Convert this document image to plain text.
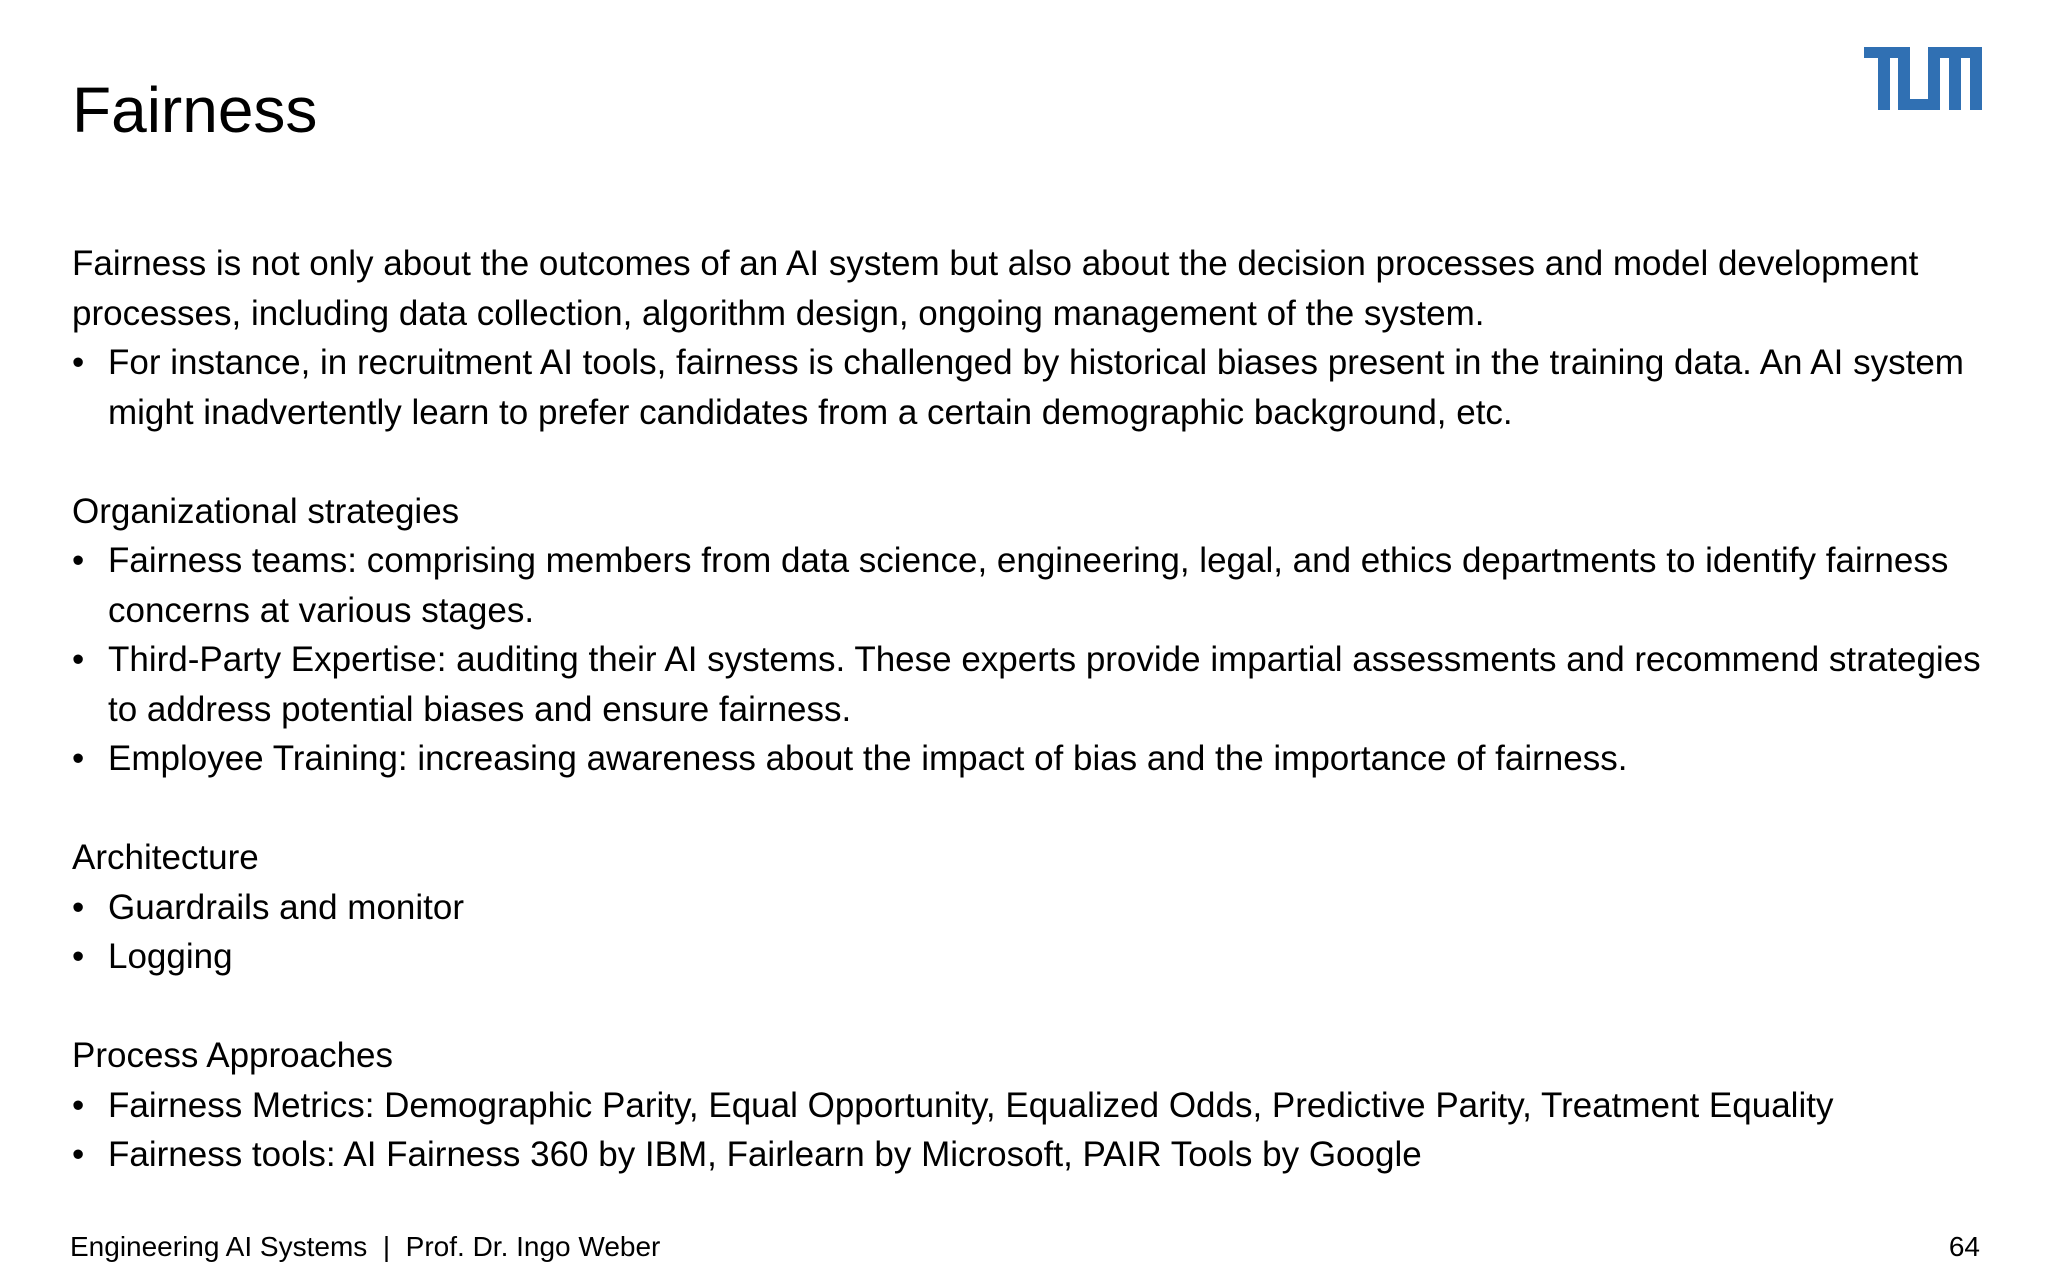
Fairness

Fairness is not only about the outcomes of an AI system but also about the decision processes and model development processes, including data collection, algorithm design, ongoing management of the system.

• For instance, in recruitment AI tools, fairness is challenged by historical biases present in the training data. An AI system might inadvertently learn to prefer candidates from a certain demographic background, etc.

Organizational strategies

• Fairness teams: comprising members from data science, engineering, legal, and ethics departments to identify fairness concerns at various stages.
• Third-Party Expertise: auditing their AI systems. These experts provide impartial assessments and recommend strategies to address potential biases and ensure fairness.
• Employee Training: increasing awareness about the impact of bias and the importance of fairness.

Architecture

• Guardrails and monitor
• Logging

Process Approaches

• Fairness Metrics: Demographic Parity, Equal Opportunity, Equalized Odds, Predictive Parity, Treatment Equality
• Fairness tools: AI Fairness 360 by IBM, Fairlearn by Microsoft, PAIR Tools by Google
Engineering AI Systems  |  Prof. Dr. Ingo Weber	64
